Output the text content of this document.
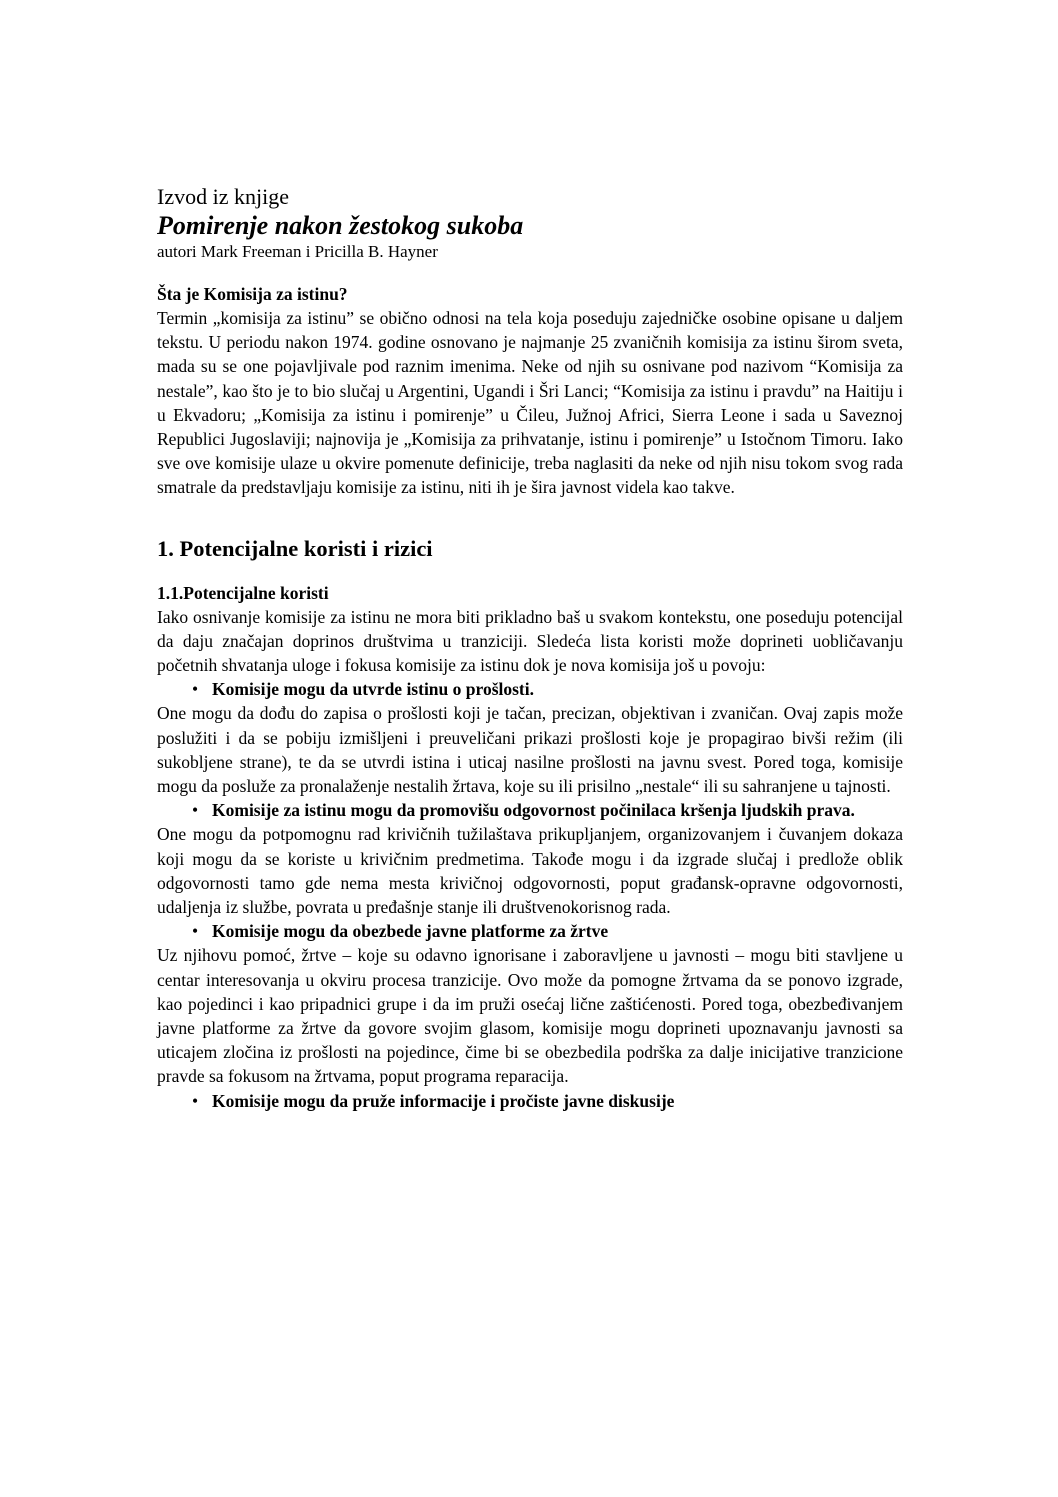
Izvod iz knjige

Pomirenje nakon žestokog sukoba

autori Mark Freeman i Pricilla B. Hayner

Šta je Komisija za istinu?

Termin „komisija za istinu” se obično odnosi na tela koja poseduju zajedničke osobine opisane u daljem tekstu. U periodu nakon 1974. godine osnovano je najmanje 25 zvaničnih komisija za istinu širom sveta, mada su se one pojavljivale pod raznim imenima. Neke od njih su osnivane pod nazivom “Komisija za nestale”, kao što je to bio slučaj u Argentini, Ugandi i Šri Lanci; “Komisija za istinu i pravdu” na Haitiju i u Ekvadoru; „Komisija za istinu i pomirenje” u Čileu, Južnoj Africi, Sierra Leone i sada u Saveznoj Republici Jugoslaviji; najnovija je „Komisija za prihvatanje, istinu i pomirenje” u Istočnom Timoru. Iako sve ove komisije ulaze u okvire pomenute definicije, treba naglasiti da neke od njih nisu tokom svog rada smatrale da predstavljaju komisije za istinu, niti ih je šira javnost videla kao takve.

1. Potencijalne koristi i rizici

1.1.Potencijalne koristi

Iako osnivanje komisije za istinu ne mora biti prikladno baš u svakom kontekstu, one poseduju potencijal da daju značajan doprinos društvima u tranziciji. Sledeća lista koristi može doprineti uobličavanju početnih shvatanja uloge i fokusa komisije za istinu dok je nova komisija još u povoju:

• Komisije mogu da utvrde istinu o prošlosti.

One mogu da dođu do zapisa o prošlosti koji je tačan, precizan, objektivan i zvaničan. Ovaj zapis može poslužiti i da se pobiju izmišljeni i preuveličani prikazi prošlosti koje je propagirao bivši režim (ili sukobljene strane), te da se utvrdi istina i uticaj nasilne prošlosti na javnu svest. Pored toga, komisije mogu da posluže za pronalaženje nestalih žrtava, koje su ili prisilno „nestale“ ili su sahranjene u tajnosti.

• Komisije za istinu mogu da promovišu odgovornost počinilaca kršenja ljudskih prava.

One mogu da potpomognu rad krivičnih tužilaštava prikupljanjem, organizovanjem i čuvanjem dokaza koji mogu da se koriste u krivičnim predmetima. Takođe mogu i da izgrade slučaj i predlože oblik odgovornosti tamo gde nema mesta krivičnoj odgovornosti, poput građansk-opravne odgovornosti, udaljenja iz službe, povrata u pređašnje stanje ili društvenokorisnog rada.

• Komisije mogu da obezbede javne platforme za žrtve

Uz njihovu pomoć, žrtve – koje su odavno ignorisane i zaboravljene u javnosti – mogu biti stavljene u centar interesovanja u okviru procesa tranzicije. Ovo može da pomogne žrtvama da se ponovo izgrade, kao pojedinci i kao pripadnici grupe i da im pruži osećaj lične zaštićenosti. Pored toga, obezbeđivanjem javne platforme za žrtve da govore svojim glasom, komisije mogu doprineti upoznavanju javnosti sa uticajem zločina iz prošlosti na pojedince, čime bi se obezbedila podrška za dalje inicijative tranzicione pravde sa fokusom na žrtvama, poput programa reparacija.

• Komisije mogu da pruže informacije i pročiste javne diskusije
